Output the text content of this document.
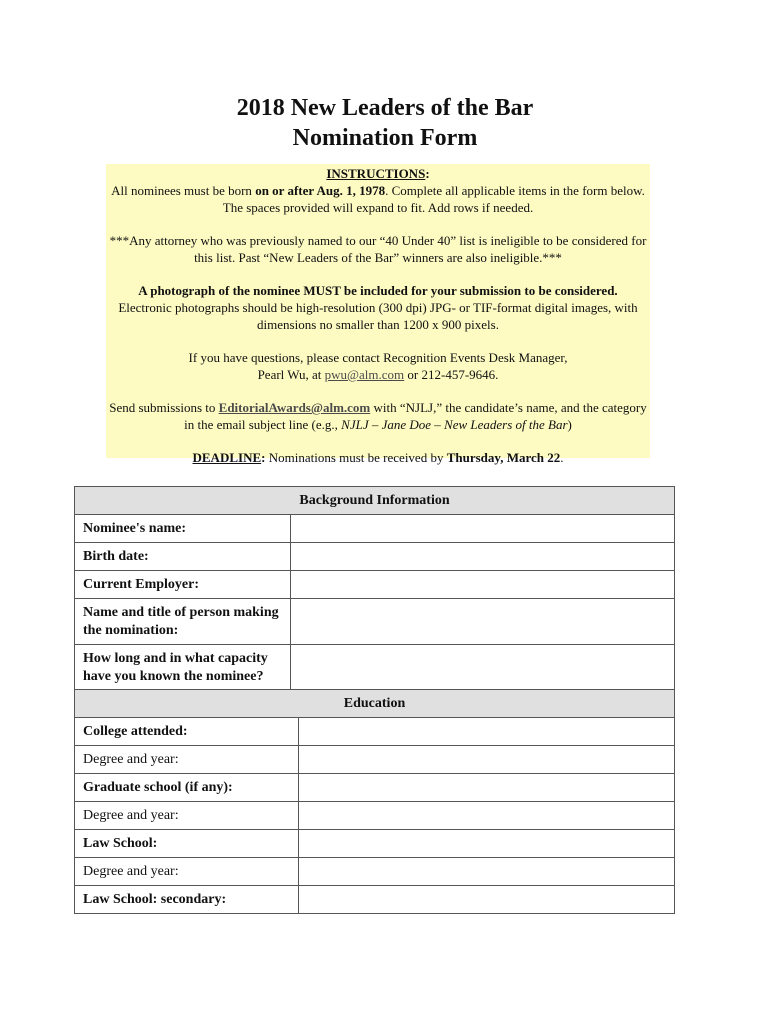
2018 New Leaders of the Bar
Nomination Form

INSTRUCTIONS:

All nominees must be born on or after Aug. 1, 1978. Complete all applicable items in the form below. The spaces provided will expand to fit. Add rows if needed.

***Any attorney who was previously named to our “40 Under 40” list is ineligible to be considered for this list. Past “New Leaders of the Bar” winners are also ineligible.***

A photograph of the nominee MUST be included for your submission to be considered.
Electronic photographs should be high-resolution (300 dpi) JPG- or TIF-format digital images, with dimensions no smaller than 1200 x 900 pixels.

If you have questions, please contact Recognition Events Desk Manager,
Pearl Wu, at pwu@alm.com or 212-457-9646.

Send submissions to EditorialAwards@alm.com with “NJLJ,” the candidate’s name, and the category in the email subject line (e.g., NJLJ – Jane Doe – New Leaders of the Bar)

DEADLINE: Nominations must be received by Thursday, March 22.

Background Information	
Nominee's name:	
Birth date:	
Current Employer:	
Name and title of person making the nomination:	
How long and in what capacity have you known the nominee?	
Education	
College attended:	
Degree and year:	
Graduate school (if any):	
Degree and year:	
Law School:	
Degree and year:	
Law School: secondary:	
